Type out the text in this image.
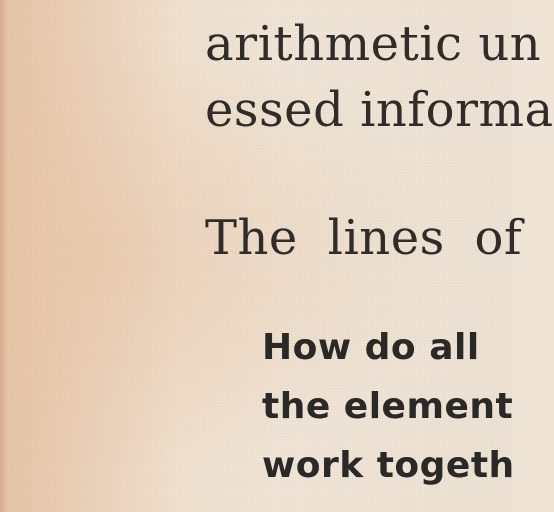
arithmetic un
essed informa
The lines of
How do all
the element
work togeth
